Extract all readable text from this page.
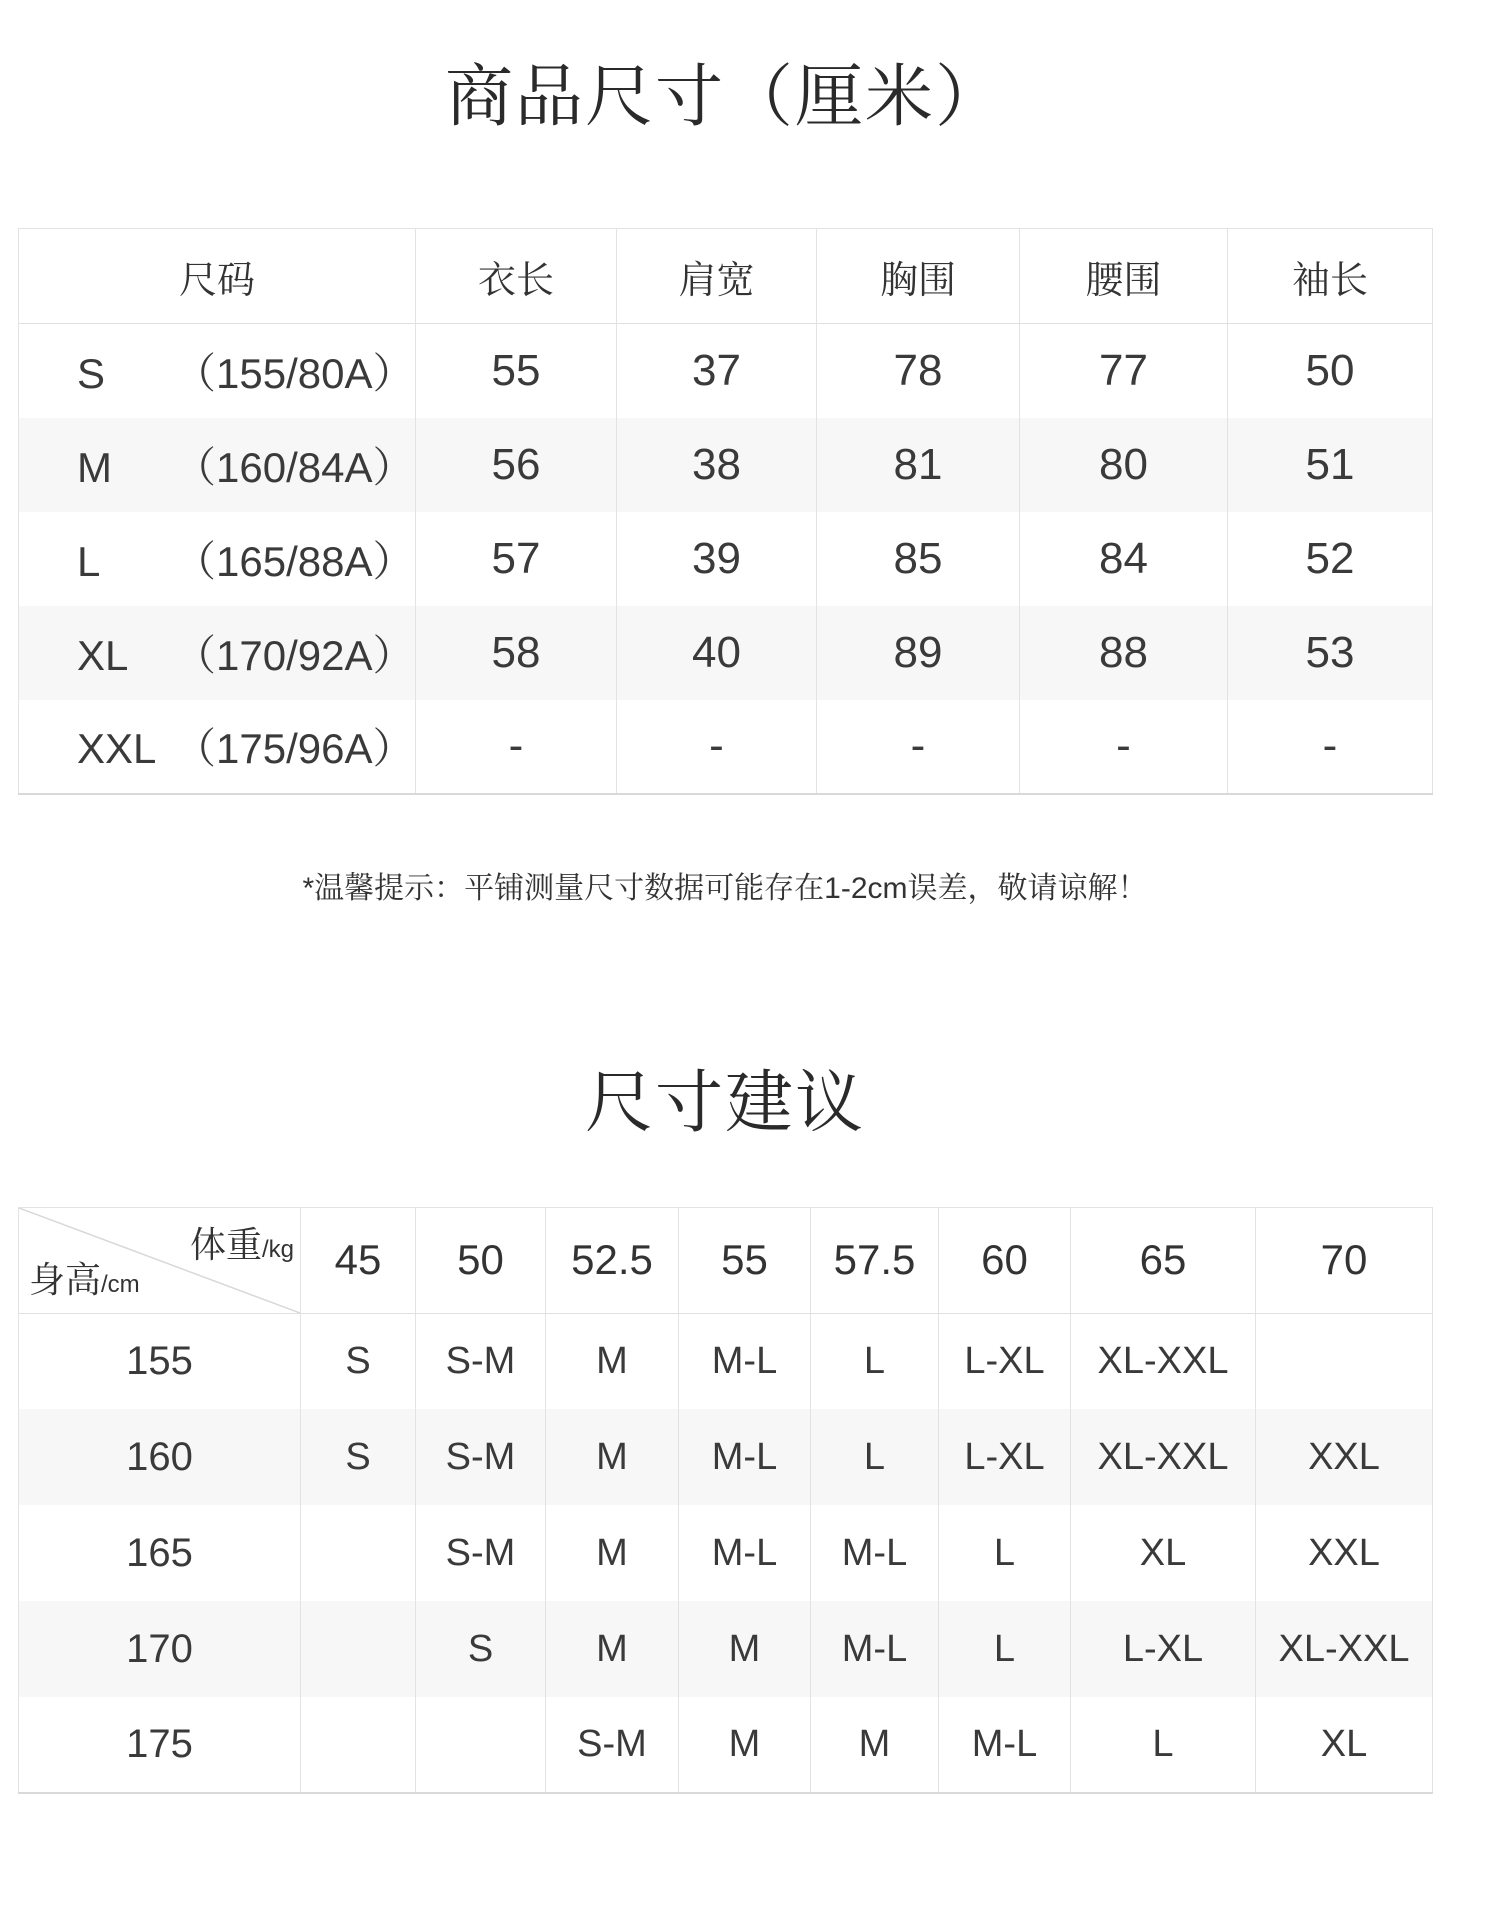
商品尺寸（厘米）
尺码	衣长	肩宽	胸围	腰围	袖长
S （155/80A）	55	37	78	77	50
M （160/84A）	56	38	81	80	51
L （165/88A）	57	39	85	84	52
XL （170/92A）	58	40	89	88	53
XXL （175/96A）	-	-	-	-	-
*温馨提示：平铺测量尺寸数据可能存在1-2cm误差，敬请谅解！
尺寸建议
体重/kg
身高/cm	45	50	52.5	55	57.5	60	65	70
155	S	S-M	M	M-L	L	L-XL	XL-XXL	
160	S	S-M	M	M-L	L	L-XL	XL-XXL	XXL
165		S-M	M	M-L	M-L	L	XL	XXL
170		S	M	M	M-L	L	L-XL	XL-XXL
175			S-M	M	M	M-L	L	XL
